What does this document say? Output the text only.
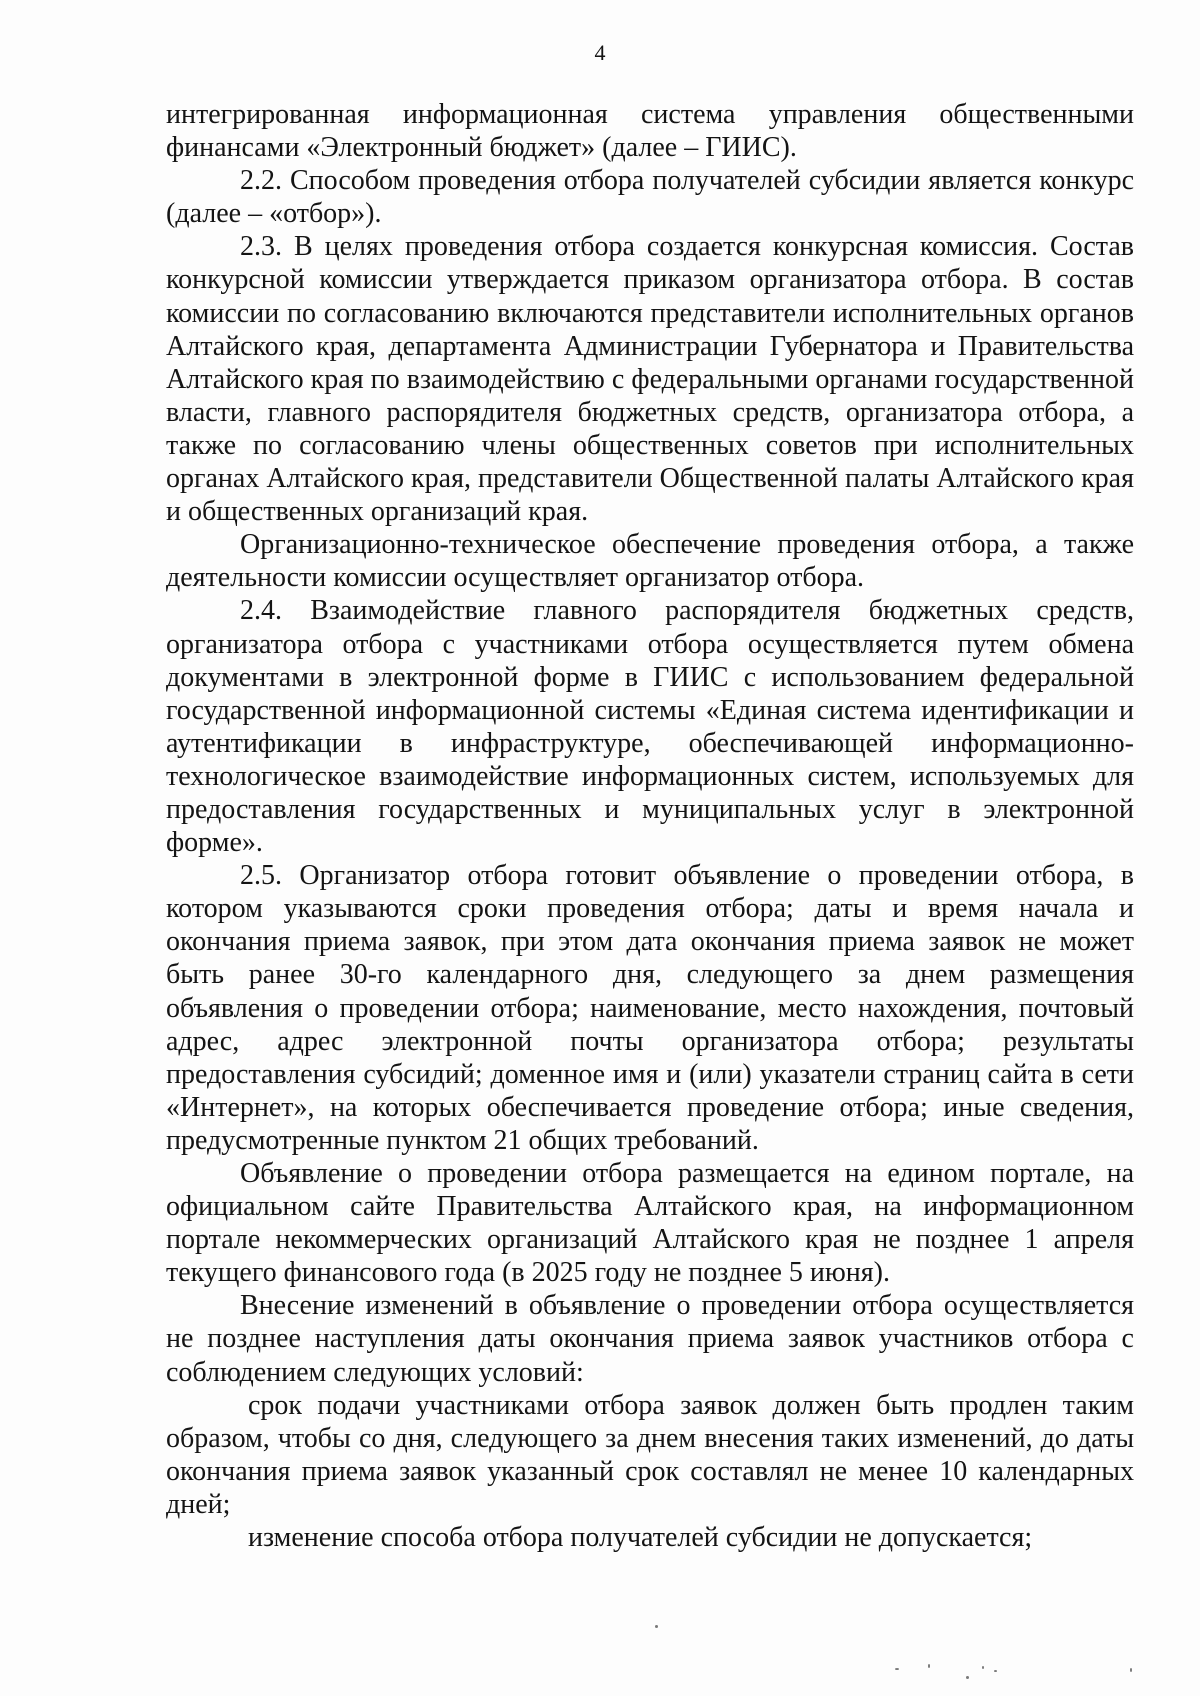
4

интегрированная информационная система управления общественными финансами «Электронный бюджет» (далее – ГИИС).

2.2. Способом проведения отбора получателей субсидии является конкурс (далее – «отбор»).

2.3. В целях проведения отбора создается конкурсная комиссия. Состав конкурсной комиссии утверждается приказом организатора отбора. В состав комиссии по согласованию включаются представители исполнительных органов Алтайского края, департамента Администрации Губернатора и Правительства Алтайского края по взаимодействию с федеральными органами государственной власти, главного распорядителя бюджетных средств, организатора отбора, а также по согласованию члены общественных советов при исполнительных органах Алтайского края, представители Общественной палаты Алтайского края и общественных организаций края.

Организационно-техническое обеспечение проведения отбора, а также деятельности комиссии осуществляет организатор отбора.

2.4. Взаимодействие главного распорядителя бюджетных средств, организатора отбора с участниками отбора осуществляется путем обмена документами в электронной форме в ГИИС с использованием федеральной государственной информационной системы «Единая система идентификации и аутентификации в инфраструктуре, обеспечивающей информационно-технологическое взаимодействие информационных систем, используемых для предоставления государственных и муниципальных услуг в электронной форме».

2.5. Организатор отбора готовит объявление о проведении отбора, в котором указываются сроки проведения отбора; даты и время начала и окончания приема заявок, при этом дата окончания приема заявок не может быть ранее 30-го календарного дня, следующего за днем размещения объявления о проведении отбора; наименование, место нахождения, почтовый адрес, адрес электронной почты организатора отбора; результаты предоставления субсидий; доменное имя и (или) указатели страниц сайта в сети «Интернет», на которых обеспечивается проведение отбора; иные сведения, предусмотренные пунктом 21 общих требований.

Объявление о проведении отбора размещается на едином портале, на официальном сайте Правительства Алтайского края, на информационном портале некоммерческих организаций Алтайского края не позднее 1 апреля текущего финансового года (в 2025 году не позднее 5 июня).

Внесение изменений в объявление о проведении отбора осуществляется не позднее наступления даты окончания приема заявок участников отбора с соблюдением следующих условий:

срок подачи участниками отбора заявок должен быть продлен таким образом, чтобы со дня, следующего за днем внесения таких изменений, до даты окончания приема заявок указанный срок составлял не менее 10 календарных дней;

изменение способа отбора получателей субсидии не допускается;
